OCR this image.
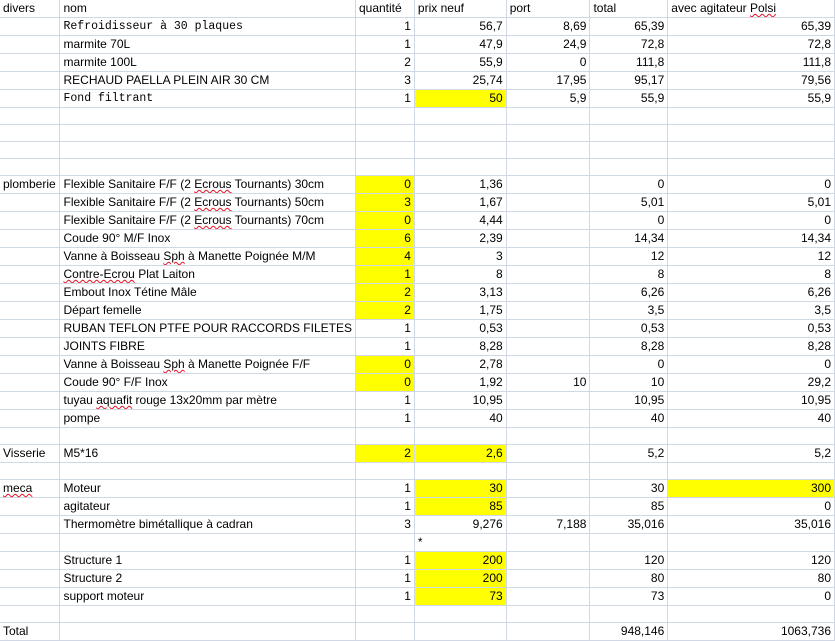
divers	nom	quantité	prix neuf	port	total	avec agitateur Polsi
	Refroidisseur à 30 plaques	1	56,7	8,69	65,39	65,39
	marmite 70L	1	47,9	24,9	72,8	72,8
	marmite 100L	2	55,9	0	111,8	111,8
	RECHAUD PAELLA PLEIN AIR 30 CM	3	25,74	17,95	95,17	79,56
	Fond filtrant	1	50	5,9	55,9	55,9

plomberie	Flexible Sanitaire F/F (2 Ecrous Tournants) 30cm	0	1,36		0	0
	Flexible Sanitaire F/F (2 Ecrous Tournants) 50cm	3	1,67		5,01	5,01
	Flexible Sanitaire F/F (2 Ecrous Tournants) 70cm	0	4,44		0	0
	Coude 90° M/F Inox	6	2,39		14,34	14,34
	Vanne à Boisseau Sph à Manette Poignée M/M	4	3		12	12
	Contre-Ecrou Plat Laiton	1	8		8	8
	Embout Inox Tétine Mâle	2	3,13		6,26	6,26
	Départ femelle	2	1,75		3,5	3,5
	RUBAN TEFLON PTFE POUR RACCORDS FILETES	1	0,53		0,53	0,53
	JOINTS FIBRE	1	8,28		8,28	8,28
	Vanne à Boisseau Sph à Manette Poignée F/F	0	2,78		0	0
	Coude 90° F/F Inox	0	1,92	10	10	29,2
	tuyau aquafit rouge 13x20mm par mètre	1	10,95		10,95	10,95
	pompe	1	40		40	40

Visserie	M5*16	2	2,6		5,2	5,2

meca	Moteur	1	30		30	300
	agitateur	1	85		85	0
	Thermomètre bimétallique à cadran	3	9,276	7,188	35,016	35,016
			*			
	Structure 1	1	200		120	120
	Structure 2	1	200		80	80
	support moteur	1	73		73	0

Total					948,146	1063,736
